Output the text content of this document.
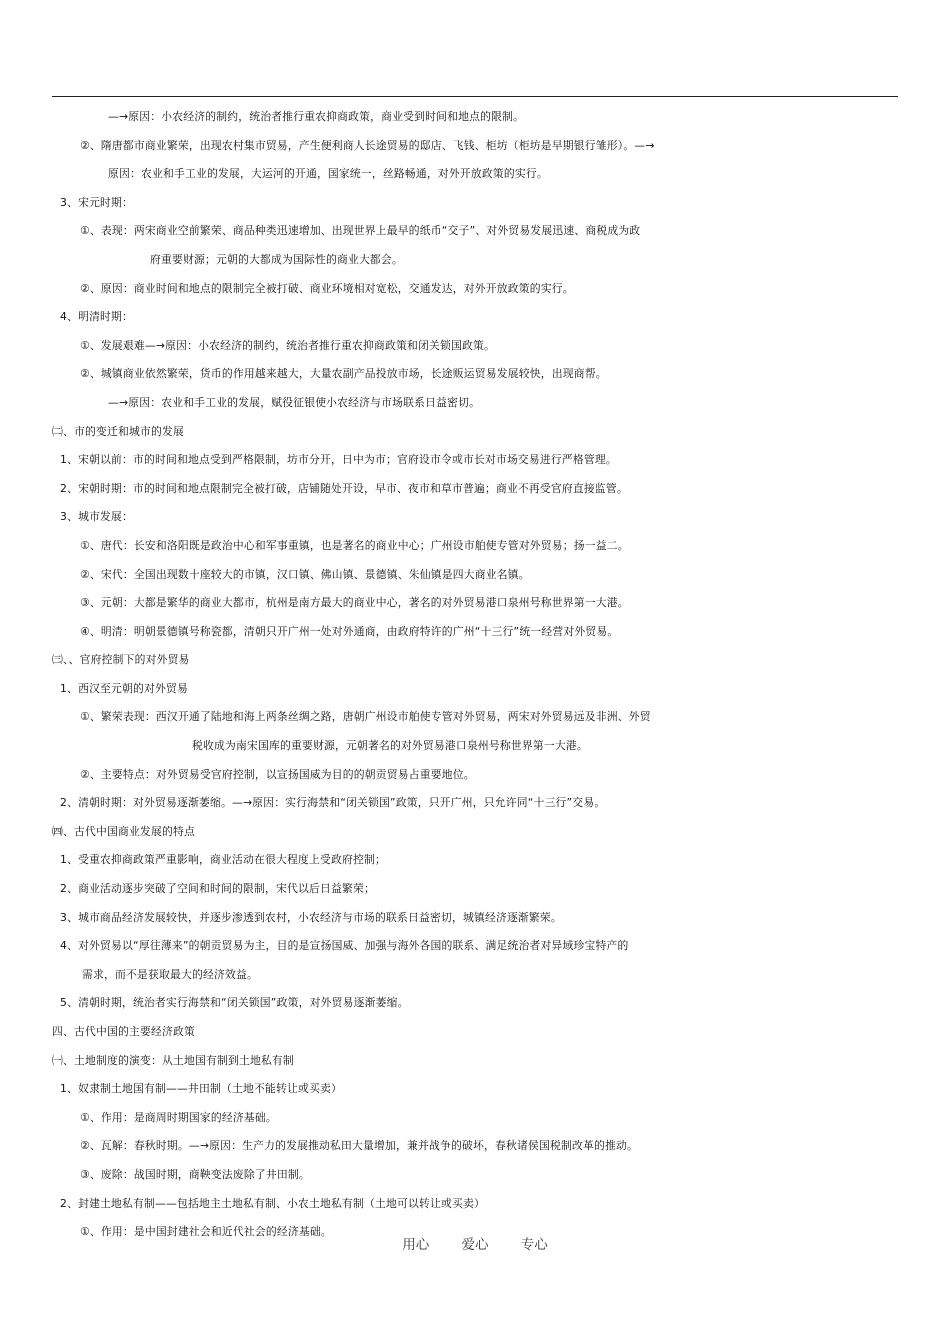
—→原因：小农经济的制约，统治者推行重农抑商政策，商业受到时间和地点的限制。
②、隋唐都市商业繁荣，出现农村集市贸易，产生便利商人长途贸易的邸店、飞钱、柜坊（柜坊是早期银行雏形）。—→
原因：农业和手工业的发展，大运河的开通，国家统一，丝路畅通，对外开放政策的实行。
3、宋元时期：
①、表现：两宋商业空前繁荣、商品种类迅速增加、出现世界上最早的纸币“交子”、对外贸易发展迅速、商税成为政
府重要财源；元朝的大都成为国际性的商业大都会。
②、原因：商业时间和地点的限制完全被打破、商业环境相对宽松，交通发达，对外开放政策的实行。
4、明清时期：
①、发展艰难—→原因：小农经济的制约，统治者推行重农抑商政策和闭关锁国政策。
②、城镇商业依然繁荣，货币的作用越来越大，大量农副产品投放市场，长途贩运贸易发展较快，出现商帮。
—→原因：农业和手工业的发展，赋役征银使小农经济与市场联系日益密切。
㈡、市的变迁和城市的发展
1、宋朝以前：市的时间和地点受到严格限制，坊市分开，日中为市；官府设市令或市长对市场交易进行严格管理。
2、宋朝时期：市的时间和地点限制完全被打破，店铺随处开设，早市、夜市和草市普遍；商业不再受官府直接监管。
3、城市发展：
①、唐代：长安和洛阳既是政治中心和军事重镇，也是著名的商业中心；广州设市舶使专管对外贸易；扬一益二。
②、宋代：全国出现数十座较大的市镇，汉口镇、佛山镇、景德镇、朱仙镇是四大商业名镇。
③、元朝：大都是繁华的商业大都市，杭州是南方最大的商业中心，著名的对外贸易港口泉州号称世界第一大港。
④、明清：明朝景德镇号称瓷都，清朝只开广州一处对外通商，由政府特许的广州“十三行”统一经营对外贸易。
㈢、、官府控制下的对外贸易
1、西汉至元朝的对外贸易
①、繁荣表现：西汉开通了陆地和海上两条丝绸之路，唐朝广州设市舶使专管对外贸易，两宋对外贸易远及非洲、外贸
税收成为南宋国库的重要财源，元朝著名的对外贸易港口泉州号称世界第一大港。
②、主要特点：对外贸易受官府控制，以宣扬国威为目的的朝贡贸易占重要地位。
2、清朝时期：对外贸易逐渐萎缩。—→原因：实行海禁和“闭关锁国”政策，只开广州，只允许同“十三行”交易。
㈣、古代中国商业发展的特点
1、受重农抑商政策严重影响，商业活动在很大程度上受政府控制；
2、商业活动逐步突破了空间和时间的限制，宋代以后日益繁荣；
3、城市商品经济发展较快，并逐步渗透到农村，小农经济与市场的联系日益密切，城镇经济逐渐繁荣。
4、对外贸易以“厚往薄来”的朝贡贸易为主，目的是宣扬国威、加强与海外各国的联系、满足统治者对异域珍宝特产的
需求，而不是获取最大的经济效益。
5、清朝时期，统治者实行海禁和“闭关锁国”政策，对外贸易逐渐萎缩。
四、古代中国的主要经济政策
㈠、土地制度的演变：从土地国有制到土地私有制
1、奴隶制土地国有制——井田制（土地不能转让或买卖）
①、作用：是商周时期国家的经济基础。
②、瓦解：春秋时期。—→原因：生产力的发展推动私田大量增加，兼并战争的破坏，春秋诸侯国税制改革的推动。
③、废除：战国时期，商鞅变法废除了井田制。
2、封建土地私有制——包括地主土地私有制、小农土地私有制（土地可以转让或买卖）
①、作用：是中国封建社会和近代社会的经济基础。
用心 爱心 专心
